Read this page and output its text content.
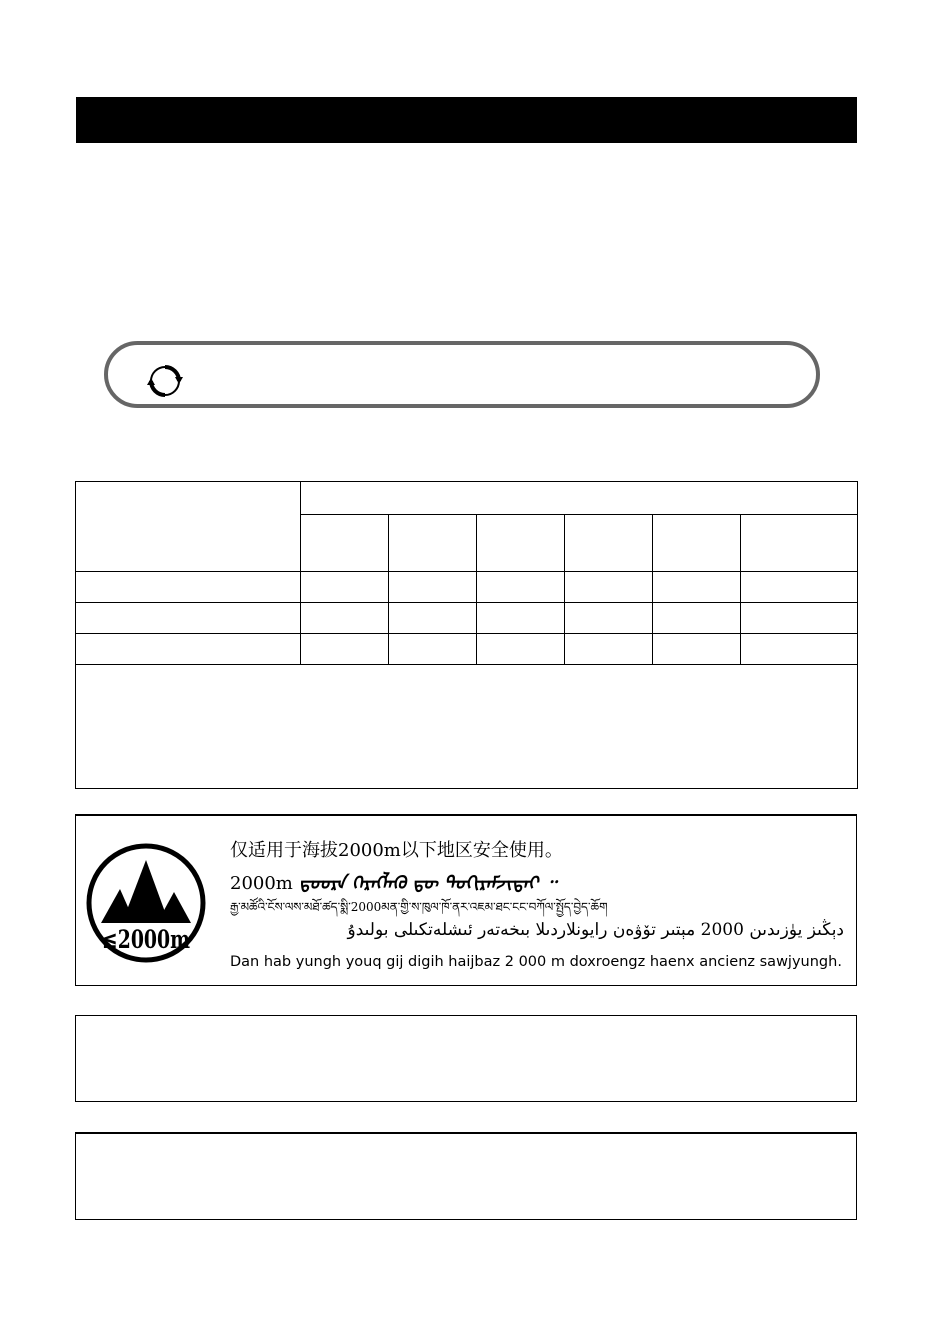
≤2000m
仅适用于海拔2000m以下地区安全使用。
2000m ᠳ᠋ᠣᠣᠷᠠ ᠬᠡᠷᠡᠭᠯᠡᠬᠦ ᠳᠦ ᠲᠣᠬᠢᠷᠠᠮᠵᠢᠲᠠᠢ ᠃
རྒྱ་མཚོའི་ངོས་ལས་མཐོ་ཚད་སྨི་2000མན་གྱི་ས་ཁུལ་ཁོ་ནར་འཇམ་ཐང་ངང་བཀོལ་སྤྱོད་བྱེད་ཆོག
دېڭىز يۈزىدىن 2000 مېتىر تۆۋەن رايونلاردىلا بىخەتەر ئىشلەتكىلى بولىدۇ
Dan hab yungh youq gij digih haijbaz 2 000 m doxroengz haenx ancienz sawjyungh.
